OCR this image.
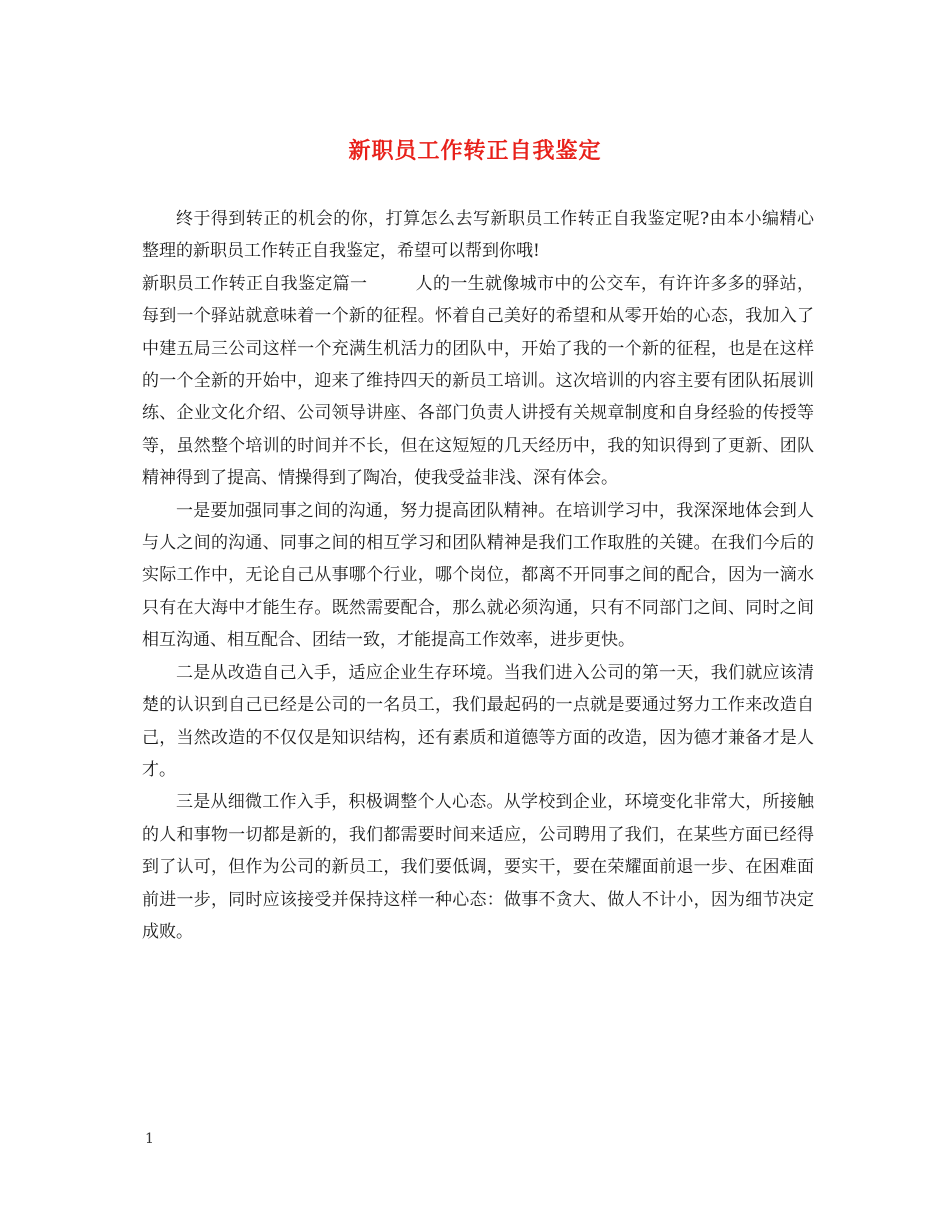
新职员工作转正自我鉴定

终于得到转正的机会的你，打算怎么去写新职员工作转正自我鉴定呢?由本小编精心整理的新职员工作转正自我鉴定，希望可以帮到你哦!

新职员工作转正自我鉴定篇一	人的一生就像城市中的公交车，有许许多多的驿站，每到一个驿站就意味着一个新的征程。怀着自己美好的希望和从零开始的心态，我加入了中建五局三公司这样一个充满生机活力的团队中，开始了我的一个新的征程，也是在这样的一个全新的开始中，迎来了维持四天的新员工培训。这次培训的内容主要有团队拓展训练、企业文化介绍、公司领导讲座、各部门负责人讲授有关规章制度和自身经验的传授等等，虽然整个培训的时间并不长，但在这短短的几天经历中，我的知识得到了更新、团队精神得到了提高、情操得到了陶冶，使我受益非浅、深有体会。

一是要加强同事之间的沟通，努力提高团队精神。在培训学习中，我深深地体会到人与人之间的沟通、同事之间的相互学习和团队精神是我们工作取胜的关键。在我们今后的实际工作中，无论自己从事哪个行业，哪个岗位，都离不开同事之间的配合，因为一滴水只有在大海中才能生存。既然需要配合，那么就必须沟通，只有不同部门之间、同时之间相互沟通、相互配合、团结一致，才能提高工作效率，进步更快。

二是从改造自己入手，适应企业生存环境。当我们进入公司的第一天，我们就应该清楚的认识到自己已经是公司的一名员工，我们最起码的一点就是要通过努力工作来改造自己，当然改造的不仅仅是知识结构，还有素质和道德等方面的改造，因为德才兼备才是人才。

三是从细微工作入手，积极调整个人心态。从学校到企业，环境变化非常大，所接触的人和事物一切都是新的，我们都需要时间来适应，公司聘用了我们，在某些方面已经得到了认可，但作为公司的新员工，我们要低调，要实干，要在荣耀面前退一步、在困难面前进一步，同时应该接受并保持这样一种心态：做事不贪大、做人不计小，因为细节决定成败。

1
